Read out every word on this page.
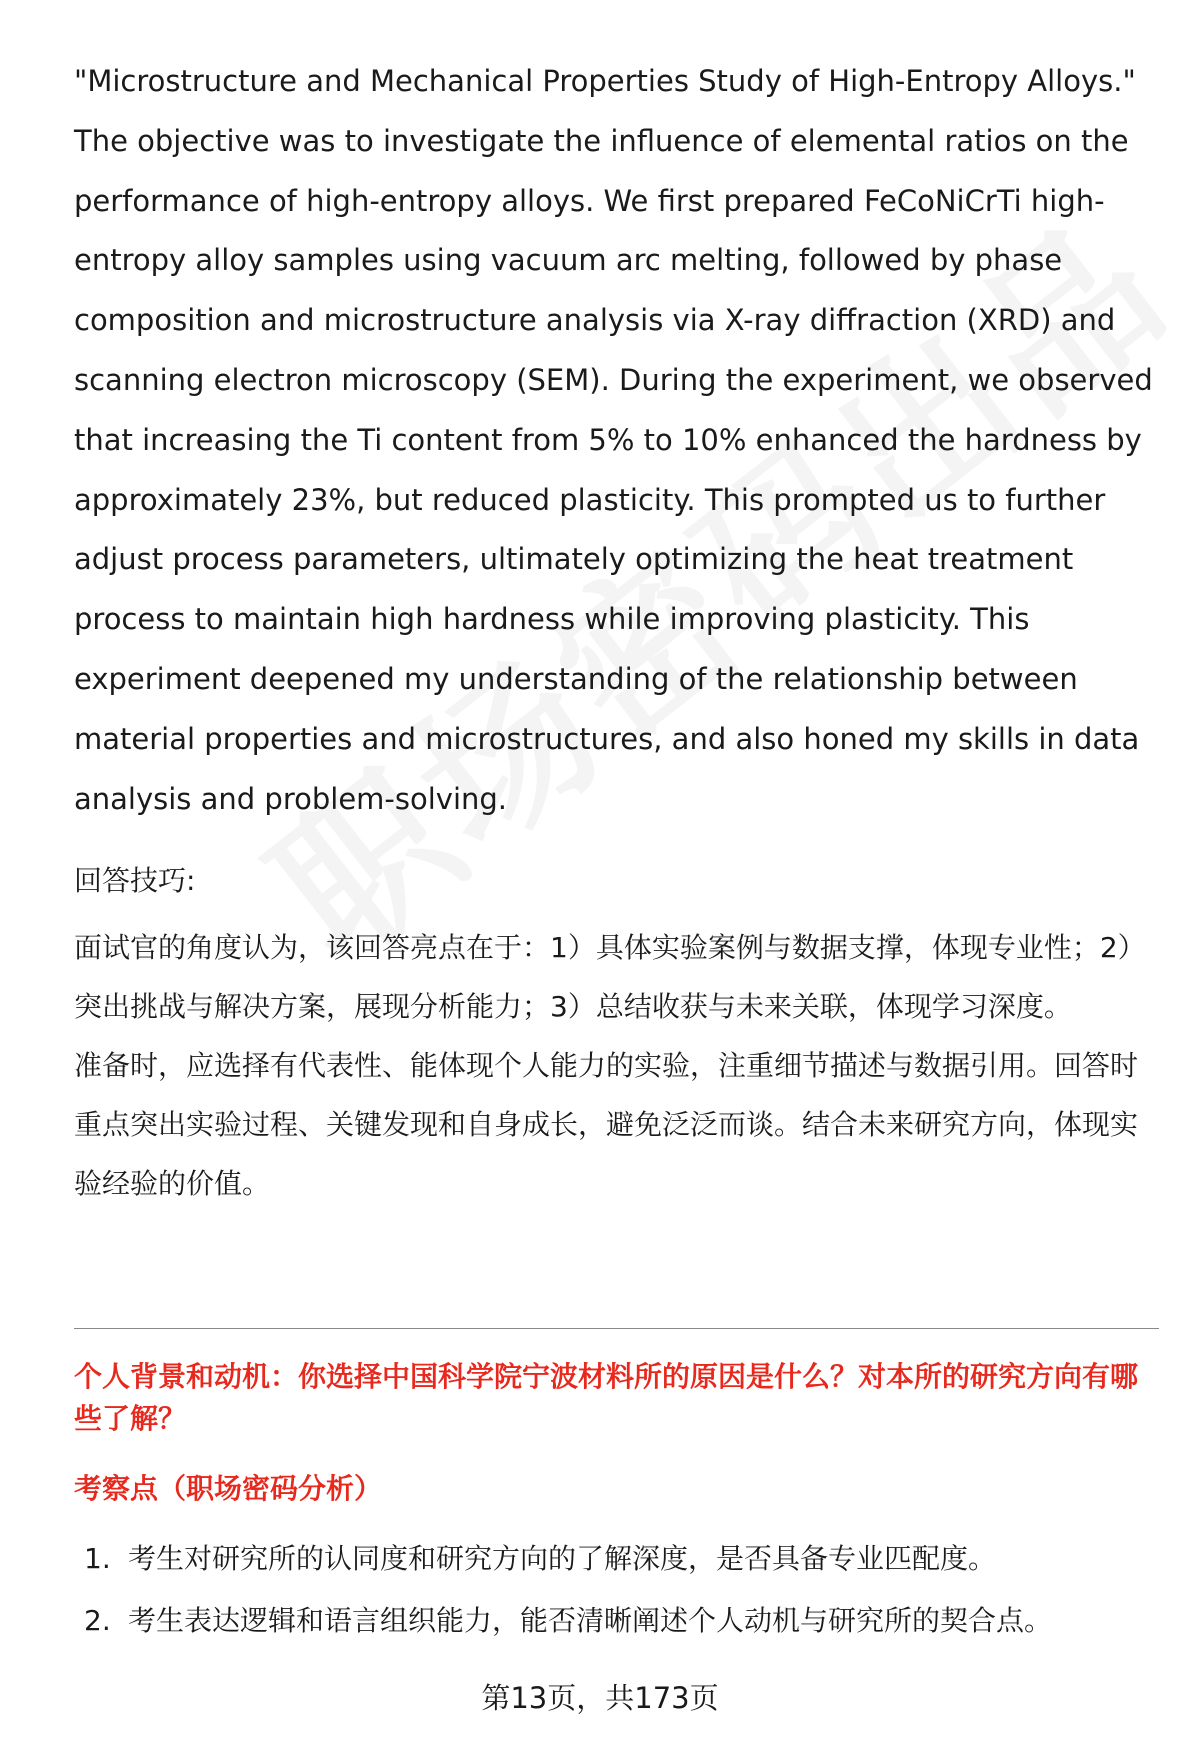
"Microstructure and Mechanical Properties Study of High-Entropy Alloys." The objective was to investigate the influence of elemental ratios on the performance of high-entropy alloys. We first prepared FeCoNiCrTi high-entropy alloy samples using vacuum arc melting, followed by phase composition and microstructure analysis via X-ray diffraction (XRD) and scanning electron microscopy (SEM). During the experiment, we observed that increasing the Ti content from 5% to 10% enhanced the hardness by approximately 23%, but reduced plasticity. This prompted us to further adjust process parameters, ultimately optimizing the heat treatment process to maintain high hardness while improving plasticity. This experiment deepened my understanding of the relationship between material properties and microstructures, and also honed my skills in data analysis and problem-solving.

回答技巧:

面试官的角度认为，该回答亮点在于：1）具体实验案例与数据支撑，体现专业性；2）突出挑战与解决方案，展现分析能力；3）总结收获与未来关联，体现学习深度。
准备时，应选择有代表性、能体现个人能力的实验，注重细节描述与数据引用。回答时重点突出实验过程、关键发现和自身成长，避免泛泛而谈。结合未来研究方向，体现实验经验的价值。

个人背景和动机：你选择中国科学院宁波材料所的原因是什么？对本所的研究方向有哪些了解？

考察点（职场密码分析）

1. 考生对研究所的认同度和研究方向的了解深度，是否具备专业匹配度。
2. 考生表达逻辑和语言组织能力，能否清晰阐述个人动机与研究所的契合点。
第13页，共173页
